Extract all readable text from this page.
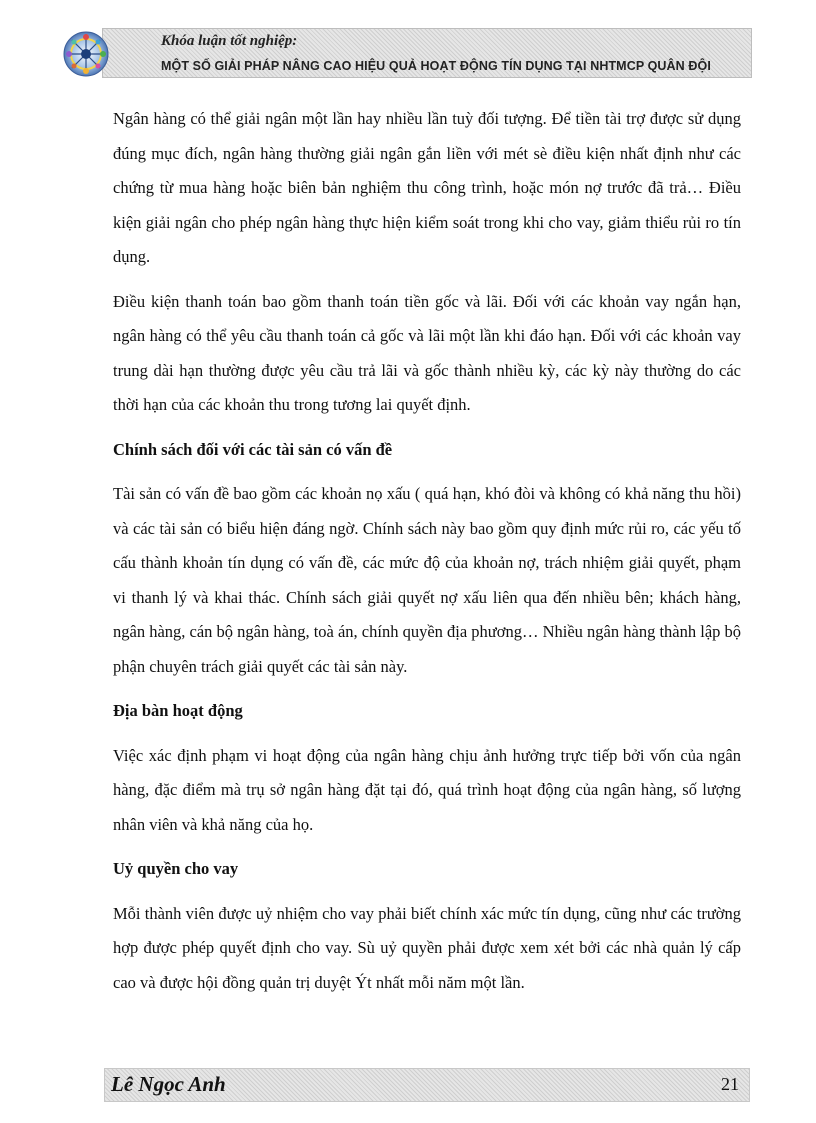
Khóa luận tốt nghiệp:
MỘT SỐ GIẢI PHÁP NÂNG CAO HIỆU QUẢ HOẠT ĐỘNG TÍN DỤNG TẠI NHTMCP QUÂN ĐỘI

Ngân hàng có thể giải ngân một lần hay nhiều lần tuỳ đối tượng. Để tiền tài trợ được sử dụng đúng mục đích, ngân hàng thường giải ngân gắn liền với mét sè điều kiện nhất định như các chứng từ mua hàng hoặc biên bản nghiệm thu công trình, hoặc món nợ trước đã trả… Điều kiện giải ngân cho phép ngân hàng thực hiện kiểm soát trong khi cho vay, giảm thiểu rủi ro tín dụng.

Điều kiện thanh toán bao gồm thanh toán tiền gốc và lãi. Đối với các khoản vay ngắn hạn, ngân hàng có thể yêu cầu thanh toán cả gốc và lãi một lần khi đáo hạn. Đối với các khoản vay trung dài hạn thường được yêu cầu trả lãi và gốc thành nhiều kỳ, các kỳ này thường do các thời hạn của các khoản thu trong tương lai quyết định.

Chính sách đối với các tài sản có vấn đề

Tài sản có vấn đề bao gồm các khoản nọ xấu ( quá hạn, khó đòi và không có khả năng thu hồi) và các tài sản có biểu hiện đáng ngờ. Chính sách này bao gồm quy định mức rủi ro, các yếu tố cấu thành khoản tín dụng có vấn đề, các mức độ của khoản nợ, trách nhiệm giải quyết, phạm vi thanh lý và khai thác. Chính sách giải quyết nợ xấu liên qua đến nhiều bên; khách hàng, ngân hàng, cán bộ ngân hàng, toà án, chính quyền địa phương… Nhiều ngân hàng thành lập bộ phận chuyên trách giải quyết các tài sản này.

Địa bàn hoạt động

Việc xác định phạm vi hoạt động của ngân hàng chịu ảnh hưởng trực tiếp bởi vốn của ngân hàng, đặc điểm mà trụ sở ngân hàng đặt tại đó, quá trình hoạt động của ngân hàng, số lượng nhân viên và khả năng của họ.

Uỷ quyền cho vay

Mỗi thành viên được uỷ nhiệm cho vay phải biết chính xác mức tín dụng, cũng như các trường hợp được phép quyết định cho vay. Sù uỷ quyền phải được xem xét bởi các nhà quản lý cấp cao và được hội đồng quản trị duyệt Ýt nhất mỗi năm một lần.

Lê Ngọc Anh	21
